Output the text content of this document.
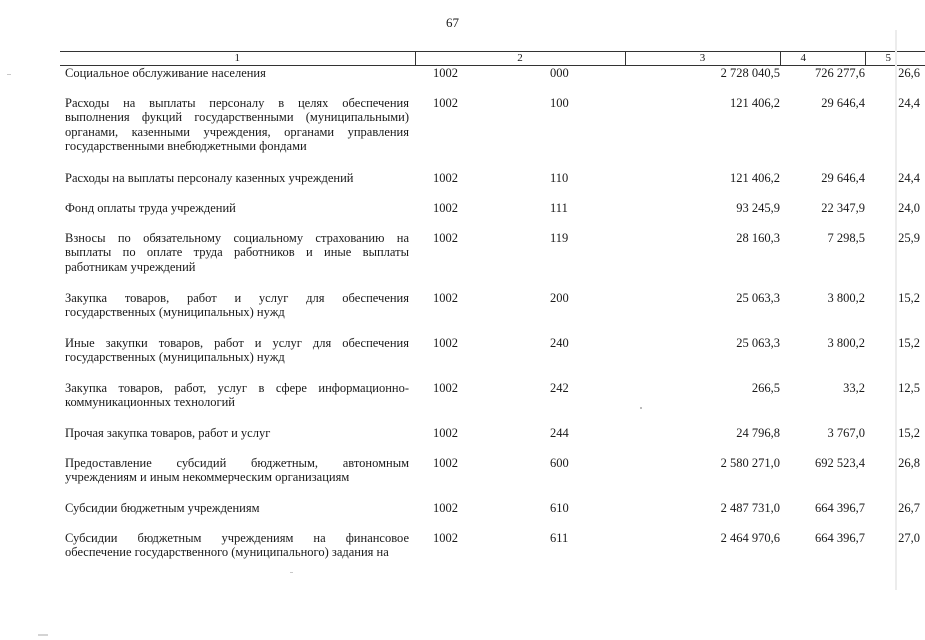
67
1	2		3	4	5
Социальное обслуживание населения	1002	000	2 728 040,5	726 277,6	26,6
Расходы на выплаты персоналу в целях обеспечения выполнения фукций государственными (муниципальными) органами, казенными учреждения, органами управления государственными внебюджетными фондами	1002	100	121 406,2	29 646,4	24,4
Расходы на выплаты персоналу казенных учреждений	1002	110	121 406,2	29 646,4	24,4
Фонд оплаты труда учреждений	1002	111	93 245,9	22 347,9	24,0
Взносы по обязательному социальному страхованию на выплаты по оплате труда работников и иные выплаты работникам учреждений	1002	119	28 160,3	7 298,5	25,9
Закупка товаров, работ и услуг для обеспечения государственных (муниципальных) нужд	1002	200	25 063,3	3 800,2	15,2
Иные закупки товаров, работ и услуг для обеспечения государственных (муниципальных) нужд	1002	240	25 063,3	3 800,2	15,2
Закупка товаров, работ, услуг в сфере информационно-коммуникационных технологий	1002	242	266,5	33,2	12,5
Прочая закупка товаров, работ и услуг	1002	244	24 796,8	3 767,0	15,2
Предоставление субсидий бюджетным, автономным учреждениям и иным некоммерческим организациям	1002	600	2 580 271,0	692 523,4	26,8
Субсидии бюджетным учреждениям	1002	610	2 487 731,0	664 396,7	26,7
Субсидии бюджетным учреждениям на финансовое обеспечение государственного (муниципального) задания на	1002	611	2 464 970,6	664 396,7	27,0
